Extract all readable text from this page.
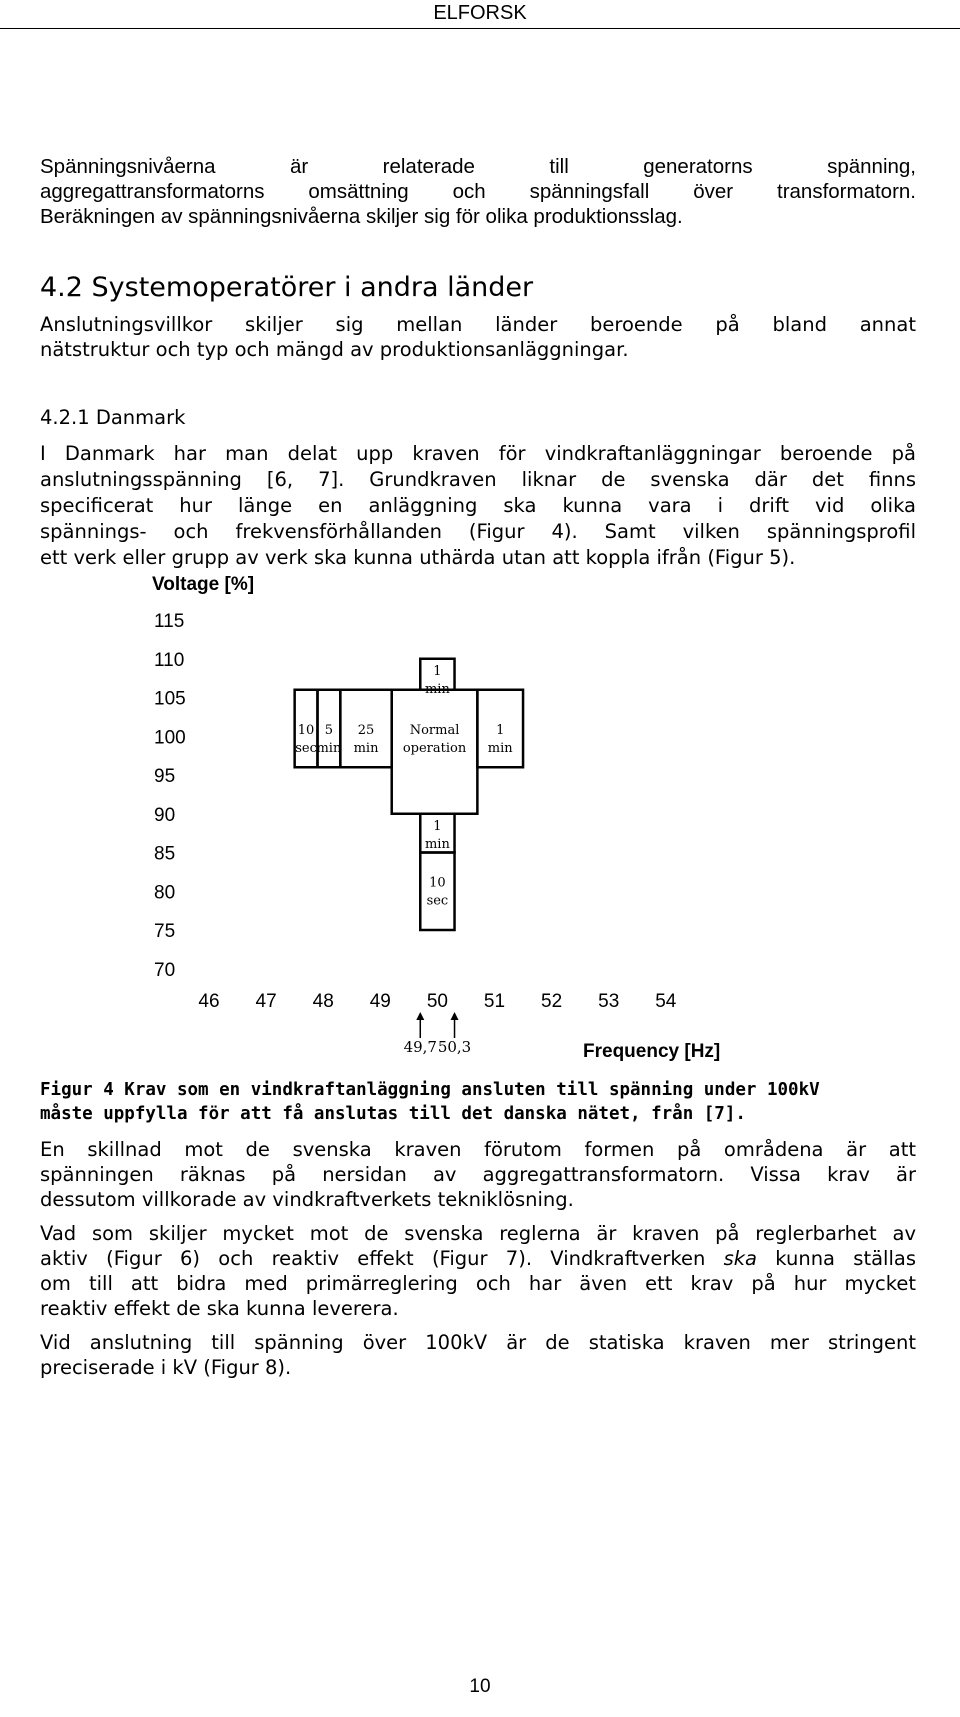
ELFORSK

Spänningsnivåerna är relaterade till generatorns spänning,
aggregattransformatorns omsättning och spänningsfall över transformatorn.
Beräkningen av spänningsnivåerna skiljer sig för olika produktionsslag.

4.2 Systemoperatörer i andra länder

Anslutningsvillkor skiljer sig mellan länder beroende på bland annat
nätstruktur och typ och mängd av produktionsanläggningar.

4.2.1 Danmark

I Danmark har man delat upp kraven för vindkraftanläggningar beroende på
anslutningsspänning [6, 7]. Grundkraven liknar de svenska där det finns
specificerat hur länge en anläggning ska kunna vara i drift vid olika
spännings- och frekvensförhållanden (Figur 4). Samt vilken spänningsprofil
ett verk eller grupp av verk ska kunna uthärda utan att koppla ifrån (Figur 5).

Voltage [%]
115
110
105
100
95
90
85
80
75
70
46 47 48 49 50 51 52 53 54
10
sec
5
min
25
min
Normal
operation
1
min
1
min
1
min
10
sec
49,7 50,3	Frequency [Hz]

Figur 4 Krav som en vindkraftanläggning ansluten till spänning under 100kV
måste uppfylla för att få anslutas till det danska nätet, från [7].

En skillnad mot de svenska kraven förutom formen på områdena är att
spänningen räknas på nersidan av aggregattransformatorn. Vissa krav är
dessutom villkorade av vindkraftverkets tekniklösning.

Vad som skiljer mycket mot de svenska reglerna är kraven på reglerbarhet av
aktiv (Figur 6) och reaktiv effekt (Figur 7). Vindkraftverken ska kunna ställas
om till att bidra med primärreglering och har även ett krav på hur mycket
reaktiv effekt de ska kunna leverera.

Vid anslutning till spänning över 100kV är de statiska kraven mer stringent
preciserade i kV (Figur 8).

10
